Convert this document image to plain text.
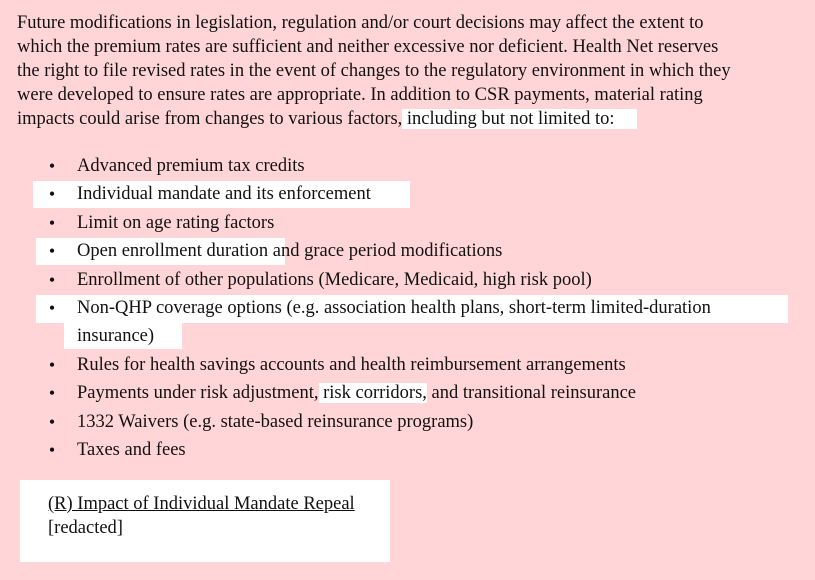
Future modifications in legislation, regulation and/or court decisions may affect the extent to
which the premium rates are sufficient and neither excessive nor deficient. Health Net reserves
the right to file revised rates in the event of changes to the regulatory environment in which they
were developed to ensure rates are appropriate. In addition to CSR payments, material rating
impacts could arise from changes to various factors, including but not limited to:

• Advanced premium tax credits
• Individual mandate and its enforcement
• Limit on age rating factors
• Open enrollment duration and grace period modifications
• Enrollment of other populations (Medicare, Medicaid, high risk pool)
• Non-QHP coverage options (e.g. association health plans, short-term limited-duration
insurance)
• Rules for health savings accounts and health reimbursement arrangements
• Payments under risk adjustment, risk corridors, and transitional reinsurance
• 1332 Waivers (e.g. state-based reinsurance programs)
• Taxes and fees
(R) Impact of Individual Mandate Repeal
[redacted]
